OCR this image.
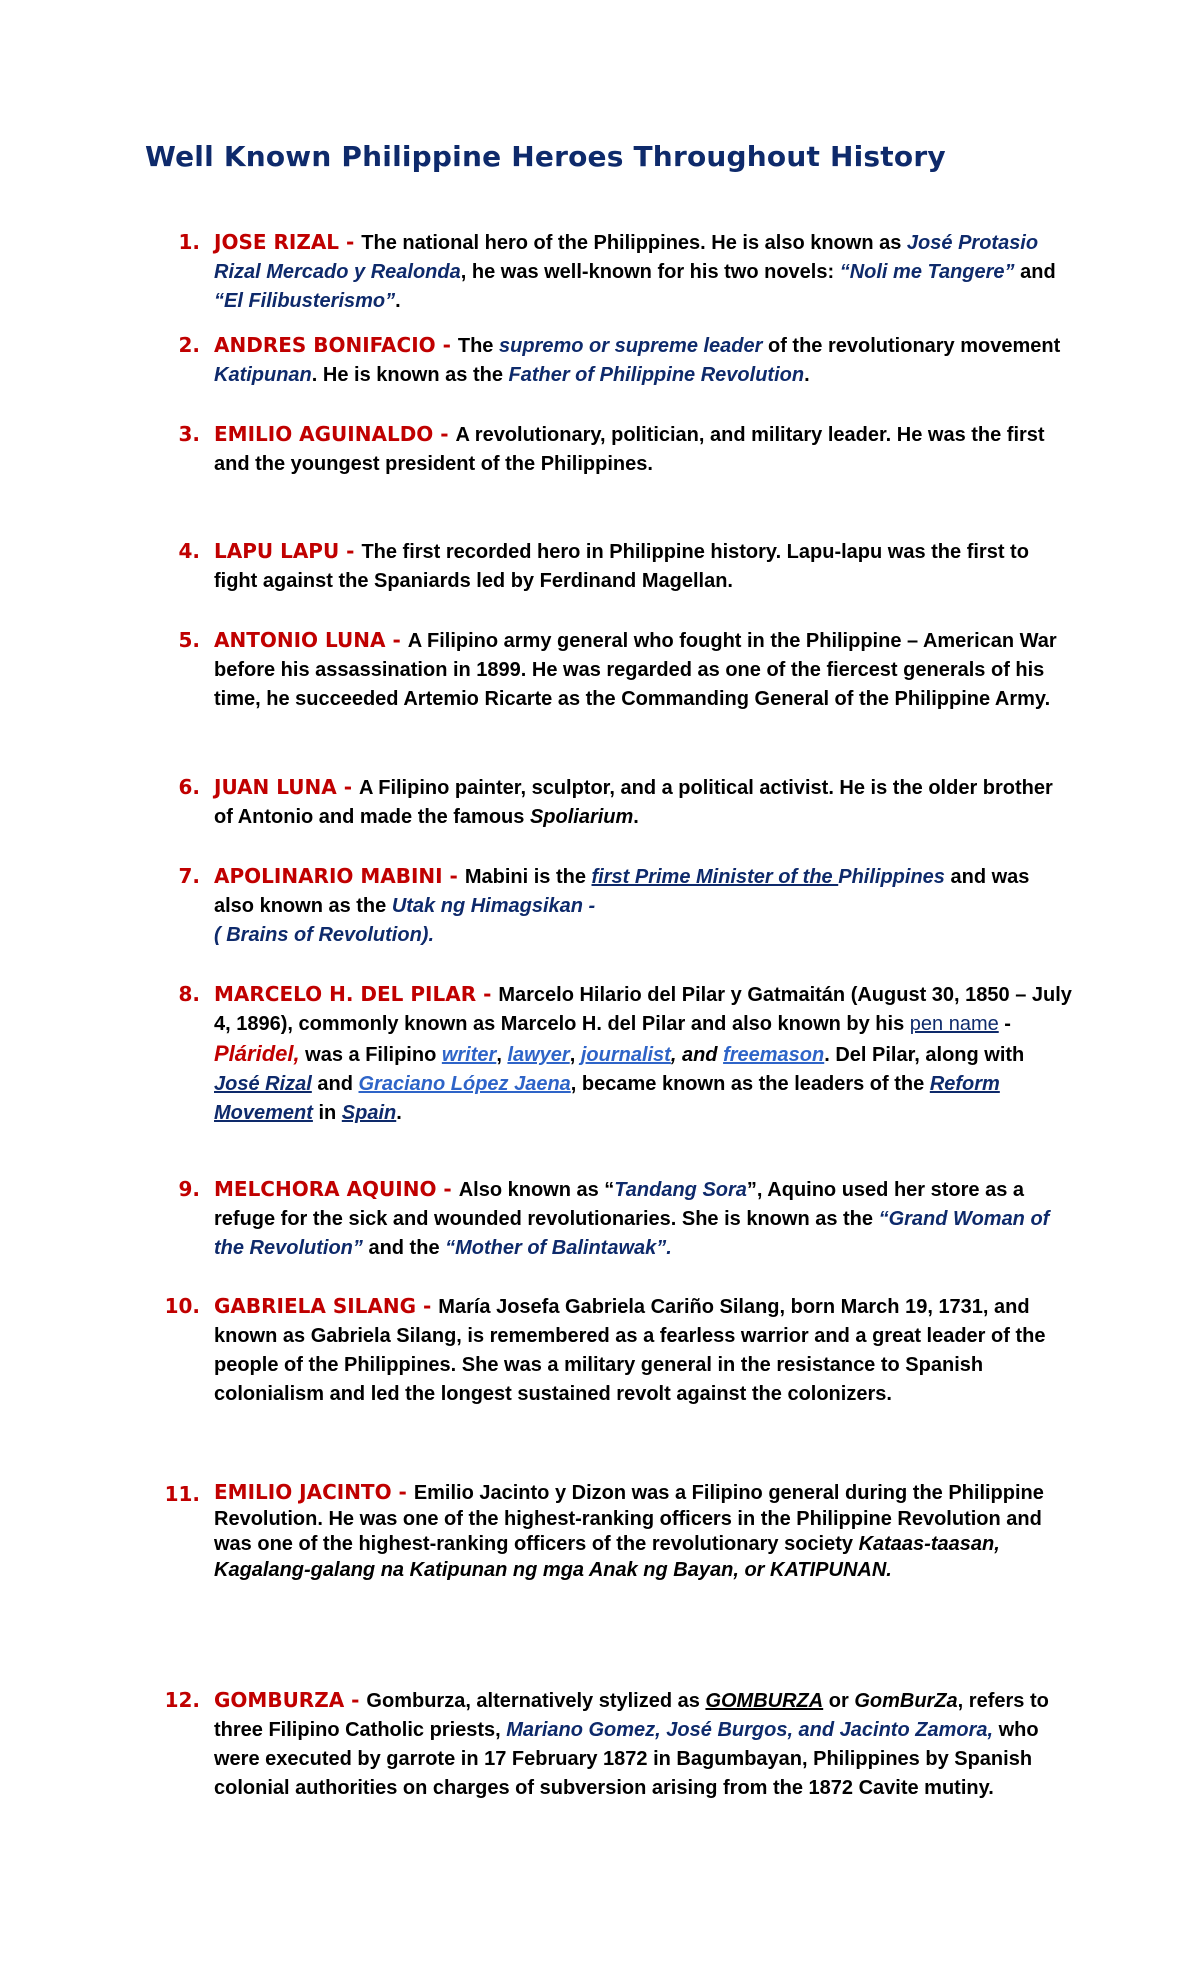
Well Known Philippine Heroes Throughout History
1. JOSE RIZAL - The national hero of the Philippines. He is also known as José Protasio Rizal Mercado y Realonda, he was well-known for his two novels: “Noli me Tangere” and “El Filibusterismo”.
2. ANDRES BONIFACIO - The supremo or supreme leader of the revolutionary movement Katipunan. He is known as the Father of Philippine Revolution.
3. EMILIO AGUINALDO - A revolutionary, politician, and military leader. He was the first and the youngest president of the Philippines.
4. LAPU LAPU - The first recorded hero in Philippine history. Lapu-lapu was the first to fight against the Spaniards led by Ferdinand Magellan.
5. ANTONIO LUNA - A Filipino army general who fought in the Philippine – American War before his assassination in 1899. He was regarded as one of the fiercest generals of his time, he succeeded Artemio Ricarte as the Commanding General of the Philippine Army.
6. JUAN LUNA - A Filipino painter, sculptor, and a political activist. He is the older brother of Antonio and made the famous Spoliarium.
7. APOLINARIO MABINI - Mabini is the first Prime Minister of the Philippines and was also known as the Utak ng Himagsikan -
( Brains of Revolution).
8. MARCELO H. DEL PILAR - Marcelo Hilario del Pilar y Gatmaitán (August 30, 1850 – July 4, 1896), commonly known as Marcelo H. del Pilar and also known by his pen name - Pláridel, was a Filipino writer, lawyer, journalist, and freemason. Del Pilar, along with José Rizal and Graciano López Jaena, became known as the leaders of the Reform Movement in Spain.
9. MELCHORA AQUINO - Also known as “Tandang Sora”, Aquino used her store as a refuge for the sick and wounded revolutionaries. She is known as the “Grand Woman of the Revolution” and the “Mother of Balintawak”.
10. GABRIELA SILANG - María Josefa Gabriela Cariño Silang, born March 19, 1731, and known as Gabriela Silang, is remembered as a fearless warrior and a great leader of the people of the Philippines. She was a military general in the resistance to Spanish colonialism and led the longest sustained revolt against the colonizers.
11. EMILIO JACINTO - Emilio Jacinto y Dizon was a Filipino general during the Philippine Revolution. He was one of the highest-ranking officers in the Philippine Revolution and was one of the highest-ranking officers of the revolutionary society Kataas-taasan, Kagalang-galang na Katipunan ng mga Anak ng Bayan, or KATIPUNAN.
12. GOMBURZA - Gomburza, alternatively stylized as GOMBURZA or GomBurZa, refers to three Filipino Catholic priests, Mariano Gomez, José Burgos, and Jacinto Zamora, who were executed by garrote in 17 February 1872 in Bagumbayan, Philippines by Spanish colonial authorities on charges of subversion arising from the 1872 Cavite mutiny.
